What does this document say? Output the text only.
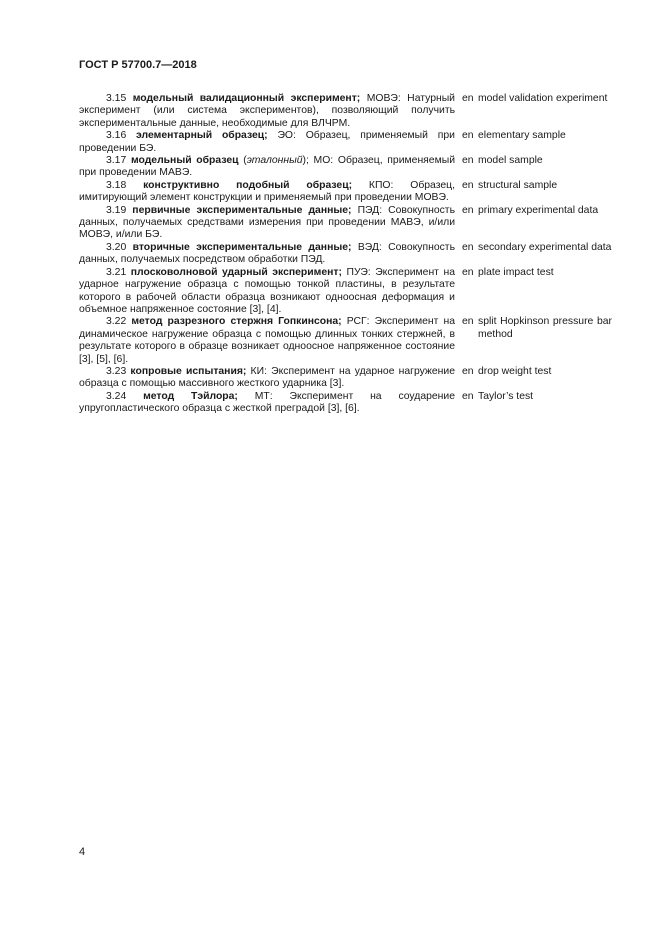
ГОСТ Р 57700.7—2018
3.15 модельный валидационный эксперимент; МОВЭ: Натурный эксперимент (или система экспериментов), позволяющий получить экспериментальные данные, необходимые для ВЛЧРМ.
en model validation experiment
3.16 элементарный образец; ЭО: Образец, применяемый при проведении БЭ.
en elementary sample
3.17 модельный образец (эталонный); МО: Образец, применяемый при проведении МАВЭ.
en model sample
3.18 конструктивно подобный образец; КПО: Образец, имитирующий элемент конструкции и применяемый при проведении МОВЭ.
en structural sample
3.19 первичные экспериментальные данные; ПЭД: Совокупность данных, получаемых средствами измерения при проведении МАВЭ, и/или МОВЭ, и/или БЭ.
en primary experimental data
3.20 вторичные экспериментальные данные; ВЭД: Совокупность данных, получаемых посредством обработки ПЭД.
en secondary experimental data
3.21 плосковолновой ударный эксперимент; ПУЭ: Эксперимент на ударное нагружение образца с помощью тонкой пластины, в результате которого в рабочей области образца возникают одноосная деформация и объемное напряженное состояние [3], [4].
en plate impact test
3.22 метод разрезного стержня Гопкинсона; РСГ: Эксперимент на динамическое нагружение образца с помощью длинных тонких стержней, в результате которого в образце возникает одноосное напряженное состояние [3], [5], [6].
en split Hopkinson pressure bar method
3.23 копровые испытания; КИ: Эксперимент на ударное нагружение образца с помощью массивного жесткого ударника [3].
en drop weight test
3.24 метод Тэйлора; МТ: Эксперимент на соударение упругопластического образца с жесткой преградой [3], [6].
en Taylor’s test
4
